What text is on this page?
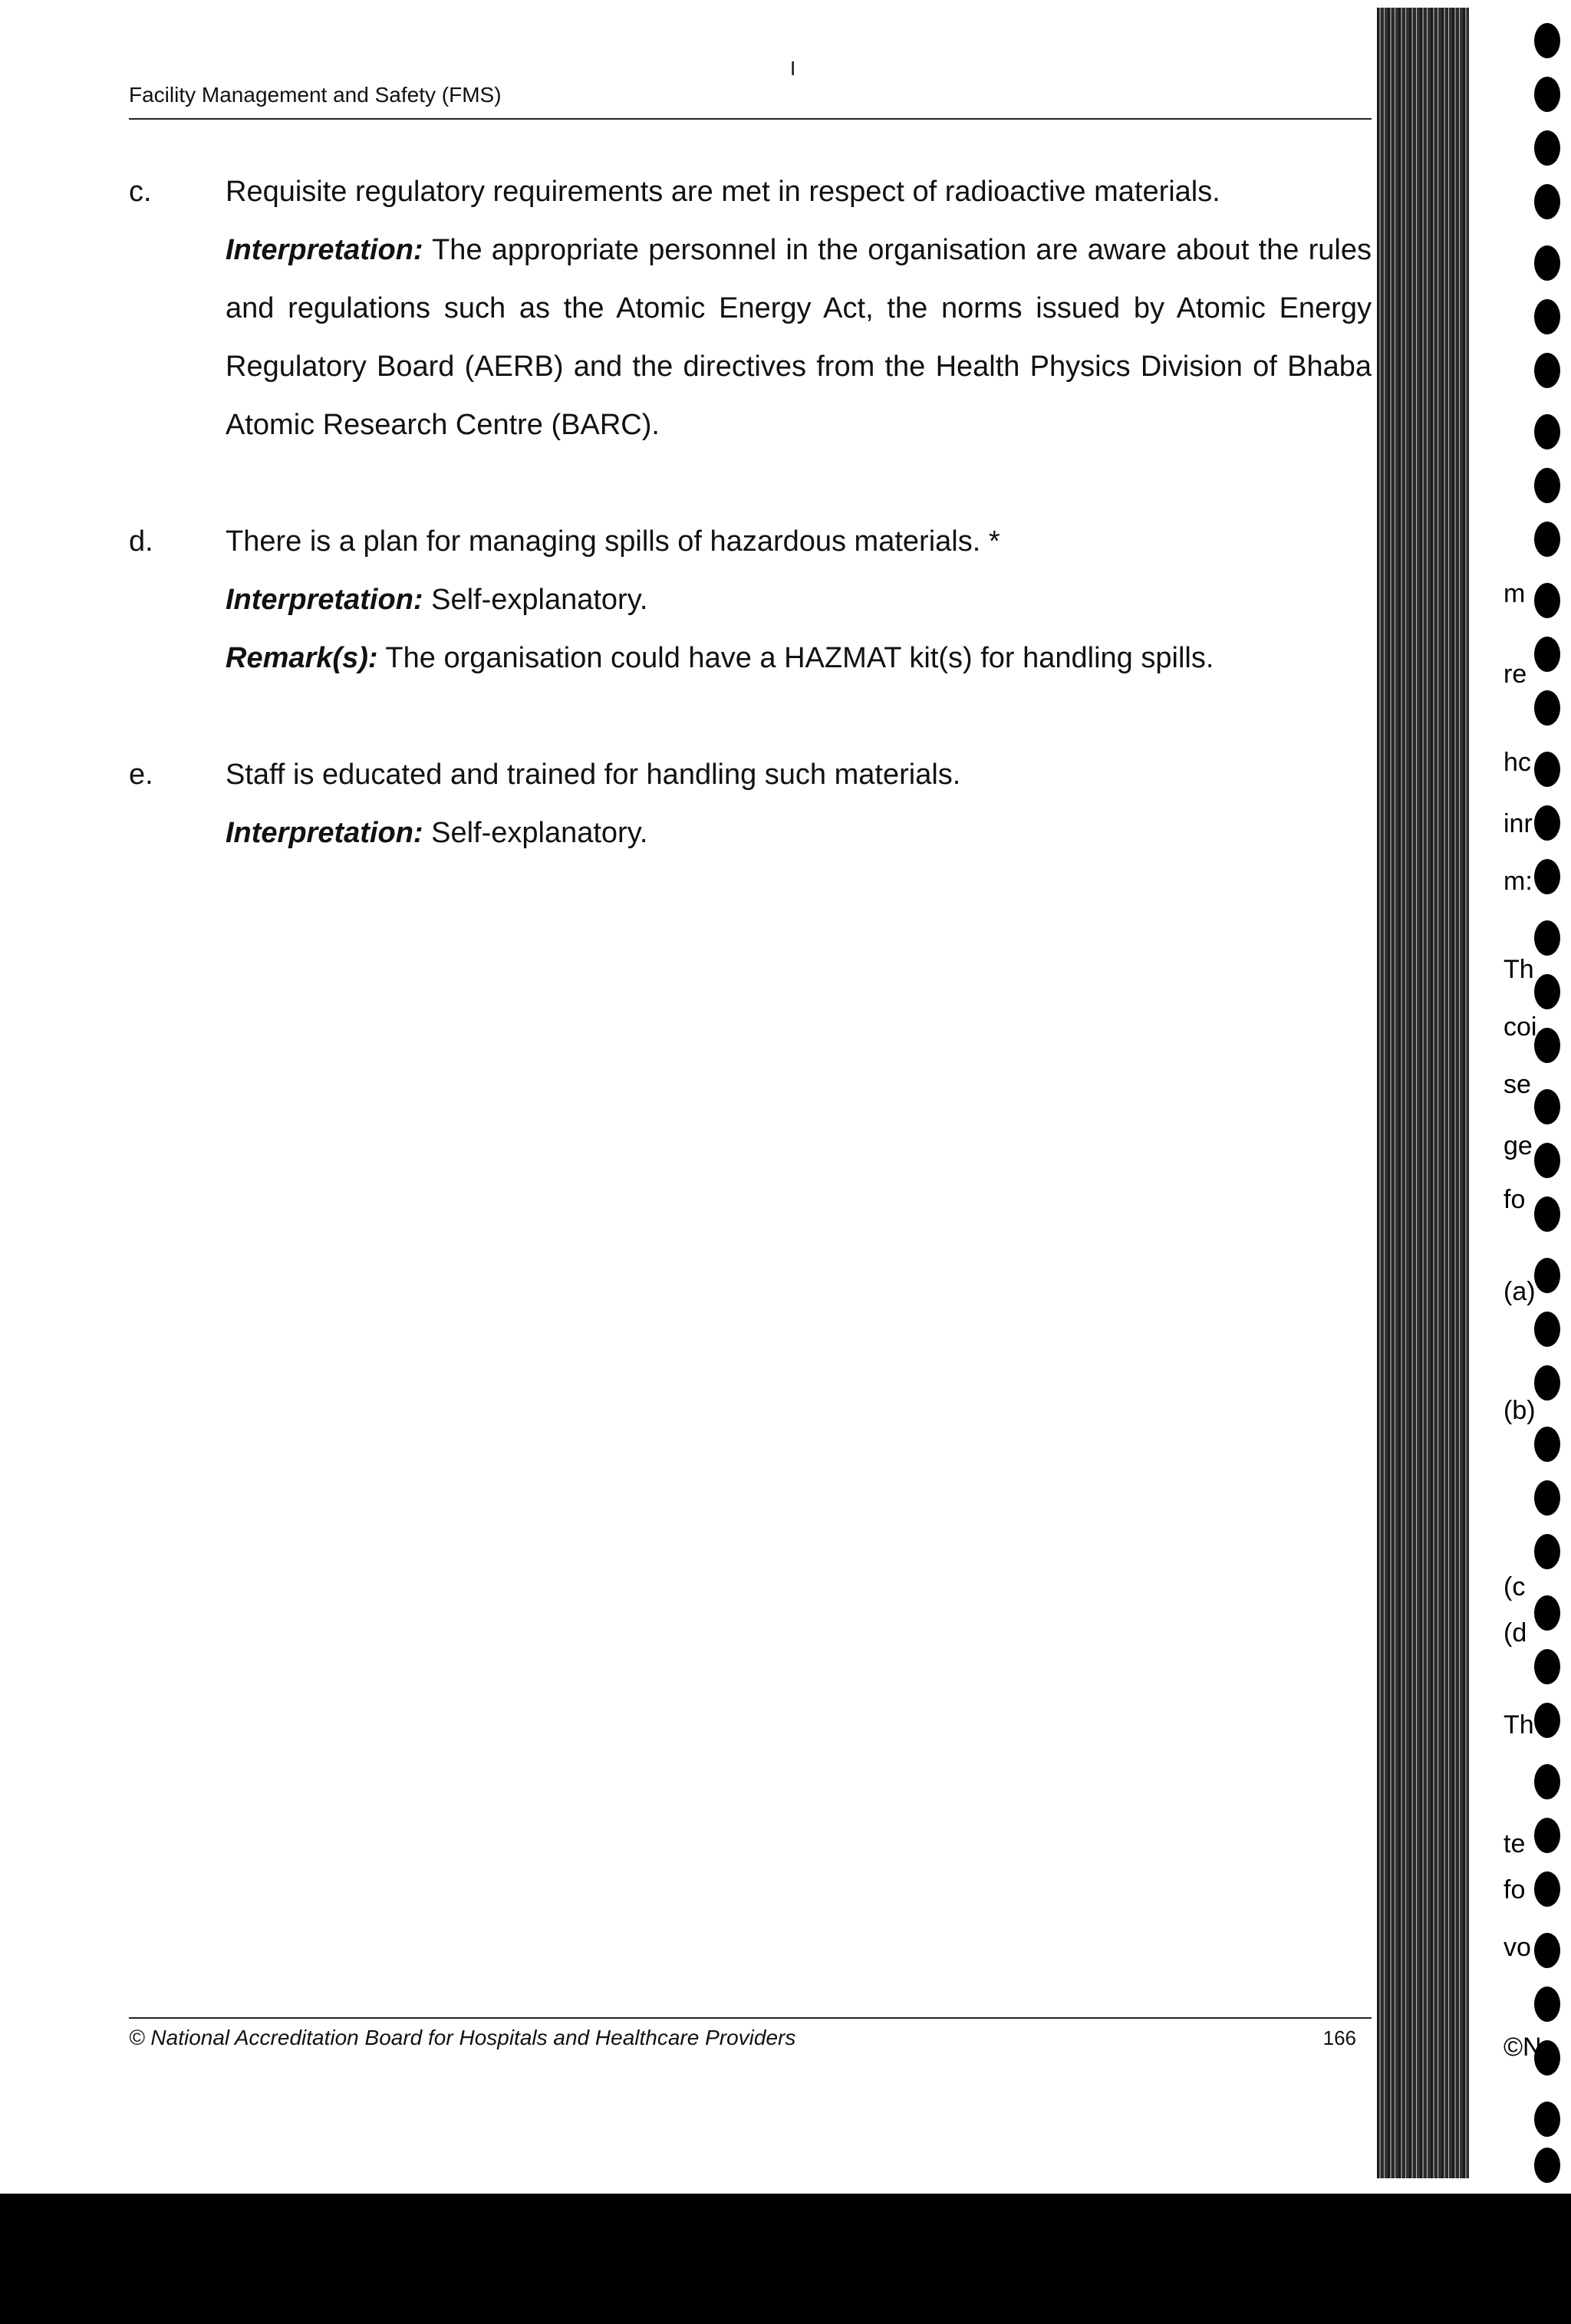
Facility Management and Safety (FMS)
I
c.	Requisite regulatory requirements are met in respect of radioactive materials.

Interpretation: The appropriate personnel in the organisation are aware about the rules and regulations such as the Atomic Energy Act, the norms issued by Atomic Energy Regulatory Board (AERB) and the directives from the Health Physics Division of Bhaba Atomic Research Centre (BARC).

d. There is a plan for managing spills of hazardous materials. *

Interpretation: Self-explanatory.

Remark(s): The organisation could have a HAZMAT kit(s) for handling spills.

e. Staff is educated and trained for handling such materials.

Interpretation: Self-explanatory.

© National Accreditation Board for Hospitals and Healthcare Providers	166
m
re
hc
inr
m:
Th
coi
se
ge
fo
(a)
(b)
(c
(d
Th
te
fo
vo
©N
